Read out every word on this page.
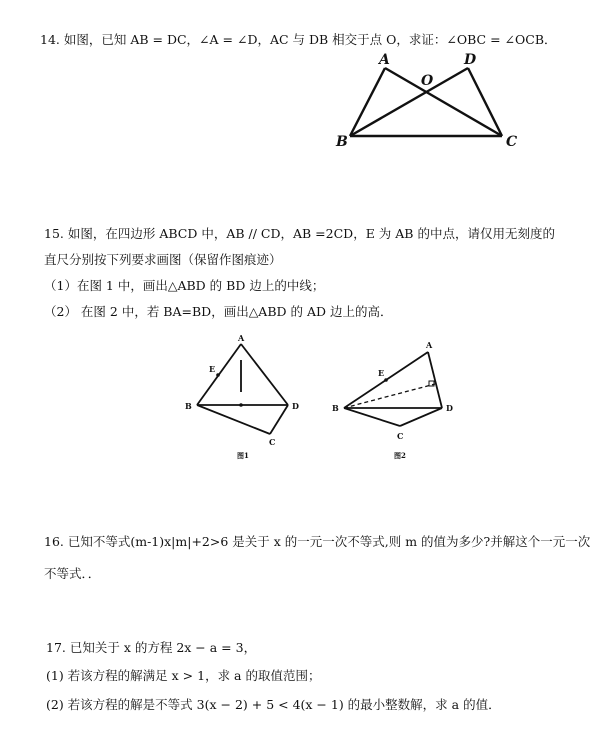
14. 如图，已知 AB = DC，∠A = ∠D，AC 与 DB 相交于点 O，求证：∠OBC = ∠OCB．
A	D
O
B	C
15. 如图，在四边形 ABCD 中，AB // CD，AB =2CD，E 为 AB 的中点，请仅用无刻度的
直尺分别按下列要求画图（保留作图痕迹）
（1）在图 1 中，画出△ABD 的 BD 边上的中线；
（2） 在图 2 中，若 BA=BD，画出△ABD 的 AD 边上的高．
A
E
B	D
C
图1
A
E
B	D
C
图2
16. 已知不等式(m-1)x|m|+2>6 是关于 x 的一元一次不等式,则 m 的值为多少?并解这个一元一次
不等式．．
17. 已知关于 x 的方程 2x − a = 3，
(1) 若该方程的解满足 x > 1，求 a 的取值范围；
(2) 若该方程的解是不等式 3(x − 2) + 5 < 4(x − 1) 的最小整数解，求 a 的值．
